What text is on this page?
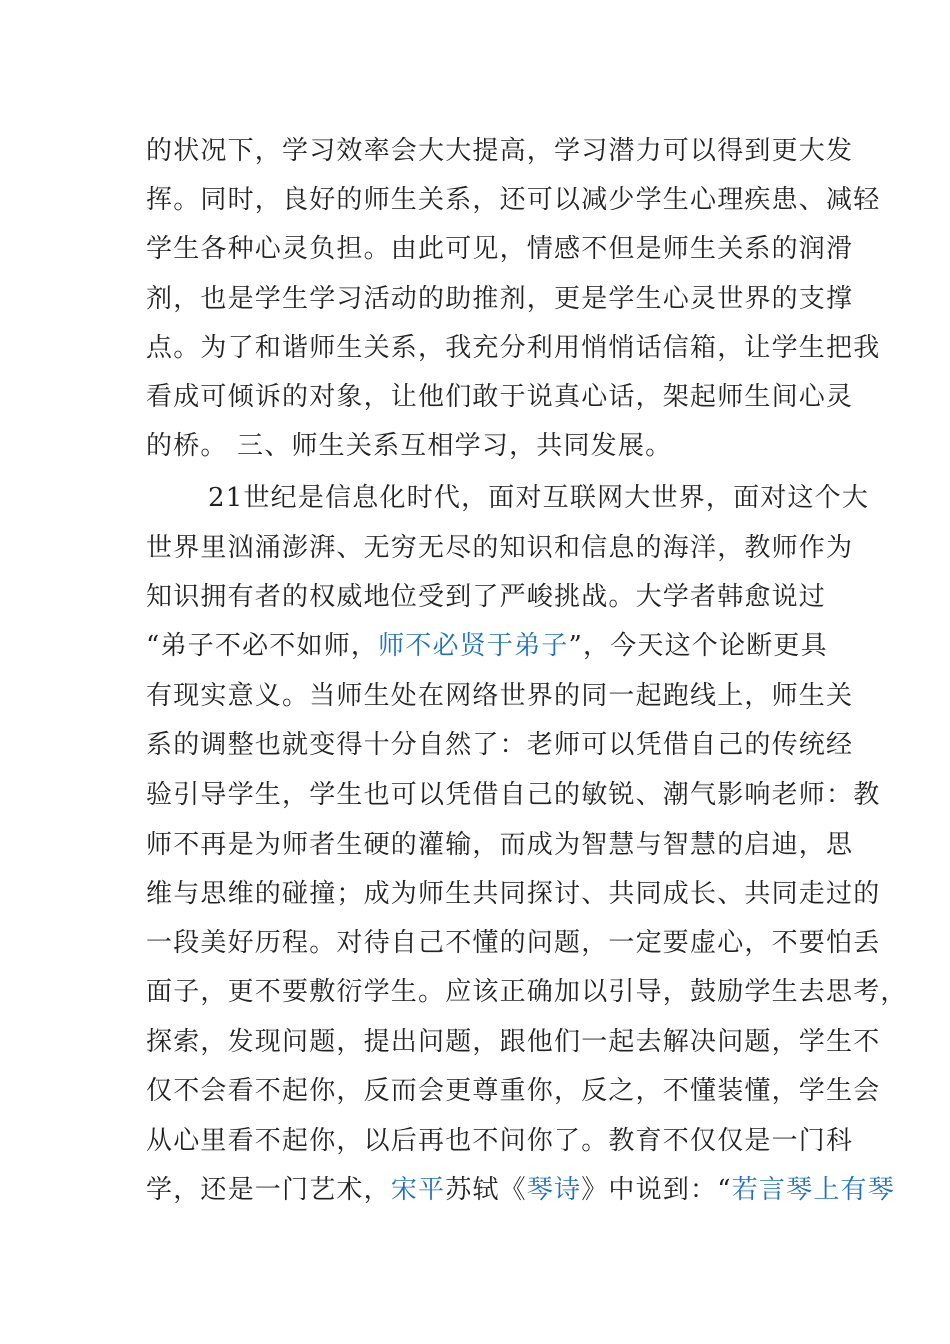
的状况下，学习效率会大大提高，学习潜力可以得到更大发
挥。同时，良好的师生关系，还可以减少学生心理疾患、减轻
学生各种心灵负担。由此可见，情感不但是师生关系的润滑
剂，也是学生学习活动的助推剂，更是学生心灵世界的支撑
点。为了和谐师生关系，我充分利用悄悄话信箱，让学生把我
看成可倾诉的对象，让他们敢于说真心话，架起师生间心灵
的桥。 三、师生关系互相学习，共同发展。
21世纪是信息化时代，面对互联网大世界，面对这个大
世界里汹涌澎湃、无穷无尽的知识和信息的海洋，教师作为
知识拥有者的权威地位受到了严峻挑战。大学者韩愈说过
“弟子不必不如师，师不必贤于弟子”，今天这个论断更具
有现实意义。当师生处在网络世界的同一起跑线上，师生关
系的调整也就变得十分自然了：老师可以凭借自己的传统经
验引导学生，学生也可以凭借自己的敏锐、潮气影响老师：教
师不再是为师者生硬的灌输，而成为智慧与智慧的启迪，思
维与思维的碰撞；成为师生共同探讨、共同成长、共同走过的
一段美好历程。对待自己不懂的问题，一定要虚心，不要怕丢
面子，更不要敷衍学生。应该正确加以引导，鼓励学生去思考，
探索，发现问题，提出问题，跟他们一起去解决问题，学生不
仅不会看不起你，反而会更尊重你，反之，不懂装懂，学生会
从心里看不起你，以后再也不问你了。教育不仅仅是一门科
学，还是一门艺术，宋平苏轼《琴诗》中说到：“若言琴上有琴
